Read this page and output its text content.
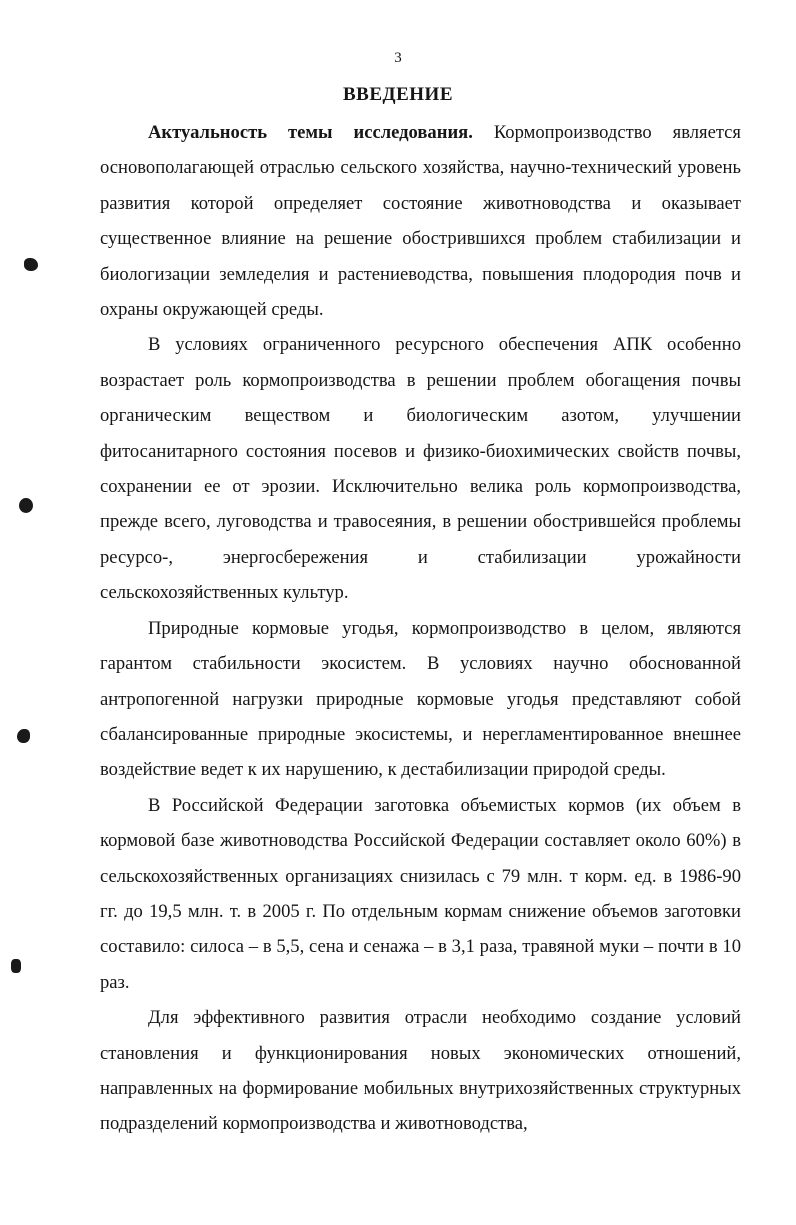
3
ВВЕДЕНИЕ

Актуальность темы исследования. Кормопроизводство является основополагающей отраслью сельского хозяйства, научно-технический уровень развития которой определяет состояние животноводства и оказывает существенное влияние на решение обострившихся проблем стабилизации и биологизации земледелия и растениеводства, повышения плодородия почв и охраны окружающей среды.

В условиях ограниченного ресурсного обеспечения АПК особенно возрастает роль кормопроизводства в решении проблем обогащения почвы органическим веществом и биологическим азотом, улучшении фитосанитарного состояния посевов и физико-биохимических свойств почвы, сохранении ее от эрозии. Исключительно велика роль кормопроизводства, прежде всего, луговодства и травосеяния, в решении обострившейся проблемы ресурсо-, энергосбережения и стабилизации урожайности сельскохозяйственных культур.

Природные кормовые угодья, кормопроизводство в целом, являются гарантом стабильности экосистем. В условиях научно обоснованной антропогенной нагрузки природные кормовые угодья представляют собой сбалансированные природные экосистемы, и нерегламентированное внешнее воздействие ведет к их нарушению, к дестабилизации природой среды.

В Российской Федерации заготовка объемистых кормов (их объем в кормовой базе животноводства Российской Федерации составляет около 60%) в сельскохозяйственных организациях снизилась с 79 млн. т корм. ед. в 1986-90 гг. до 19,5 млн. т. в 2005 г. По отдельным кормам снижение объемов заготовки составило: силоса – в 5,5, сена и сенажа – в 3,1 раза, травяной муки – почти в 10 раз.

Для эффективного развития отрасли необходимо создание условий становления и функционирования новых экономических отношений, направленных на формирование мобильных внутрихозяйственных структурных подразделений кормопроизводства и животноводства,
